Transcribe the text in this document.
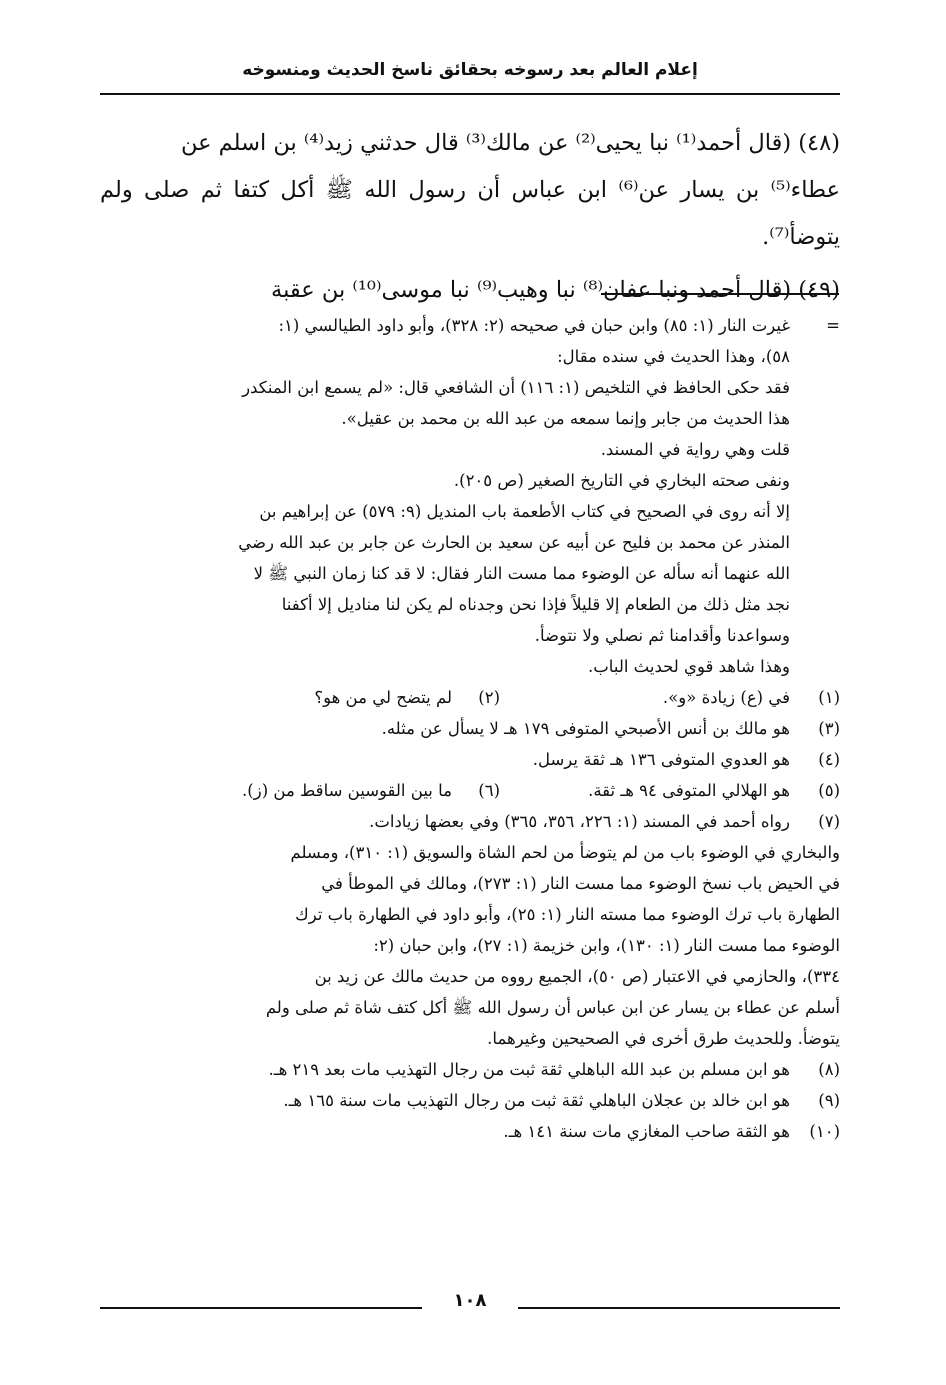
إعلام العالم بعد رسوخه بحقائق ناسخ الحديث ومنسوخه

(٤٨) (قال أحمد⁽¹⁾ نبا يحيى⁽²⁾ عن مالك⁽³⁾ قال حدثني زيد⁽⁴⁾ بن اسلم عن

عطاء⁽⁵⁾ بن يسار عن⁽⁶⁾ ابن عباس أن رسول الله ﷺ أكل كتفا ثم صلى ولم يتوضأ⁽⁷⁾.

(٤٩) (قال أحمد ونبا عفان⁽⁸⁾ نبا وهيب⁽⁹⁾ نبا موسى⁽¹⁰⁾ بن عقبة

=
غيرت النار (١: ٨٥) وابن حبان في صحيحه (٢: ٣٢٨)، وأبو داود الطيالسي (١:
٥٨)، وهذا الحديث في سنده مقال:
فقد حكى الحافظ في التلخيص (١: ١١٦) أن الشافعي قال: «لم يسمع ابن المنكدر
هذا الحديث من جابر وإنما سمعه من عبد الله بن محمد بن عقيل».
قلت وهي رواية في المسند.
ونفى صحته البخاري في التاريخ الصغير (ص ٢٠٥).
إلا أنه روى في الصحيح في كتاب الأطعمة باب المنديل (٩: ٥٧٩) عن إبراهيم بن
المنذر عن محمد بن فليح عن أبيه عن سعيد بن الحارث عن جابر بن عبد الله رضي
الله عنهما أنه سأله عن الوضوء مما مست النار فقال: لا قد كنا زمان النبي ﷺ لا
نجد مثل ذلك من الطعام إلا قليلاً فإذا نحن وجدناه لم يكن لنا مناديل إلا أكفنا
وسواعدنا وأقدامنا ثم نصلي ولا نتوضأ.
وهذا شاهد قوي لحديث الباب.
(١)
في (ع) زيادة «و».
(٢)     لم يتضح لي من هو؟
(٣)
هو مالك بن أنس الأصبحي المتوفى ١٧٩ هـ لا يسأل عن مثله.
(٤)
هو العدوي المتوفى ١٣٦ هـ ثقة يرسل.
(٥)
هو الهلالي المتوفى ٩٤ هـ ثقة.
(٦)     ما بين القوسين ساقط من (ز).
(٧)
رواه أحمد في المسند (١: ٢٢٦، ٣٥٦، ٣٦٥) وفي بعضها زيادات.
والبخاري في الوضوء باب من لم يتوضأ من لحم الشاة والسويق (١: ٣١٠)، ومسلم
في الحيض باب نسخ الوضوء مما مست النار (١: ٢٧٣)، ومالك في الموطأ في
الطهارة باب ترك الوضوء مما مسته النار (١: ٢٥)، وأبو داود في الطهارة باب ترك
الوضوء مما مست النار (١: ١٣٠)، وابن خزيمة (١: ٢٧)، وابن حبان (٢:
٣٣٤)، والحازمي في الاعتبار (ص ٥٠)، الجميع رووه من حديث مالك عن زيد بن
أسلم عن عطاء بن يسار عن ابن عباس أن رسول الله ﷺ أكل كتف شاة ثم صلى ولم
يتوضأ. وللحديث طرق أخرى في الصحيحين وغيرهما.
(٨)
هو ابن مسلم بن عبد الله الباهلي ثقة ثبت من رجال التهذيب مات بعد ٢١٩ هـ.
(٩)
هو ابن خالد بن عجلان الباهلي ثقة ثبت من رجال التهذيب مات سنة ١٦٥ هـ.
(١٠)
هو الثقة صاحب المغازي مات سنة ١٤١ هـ.
١٠٨
